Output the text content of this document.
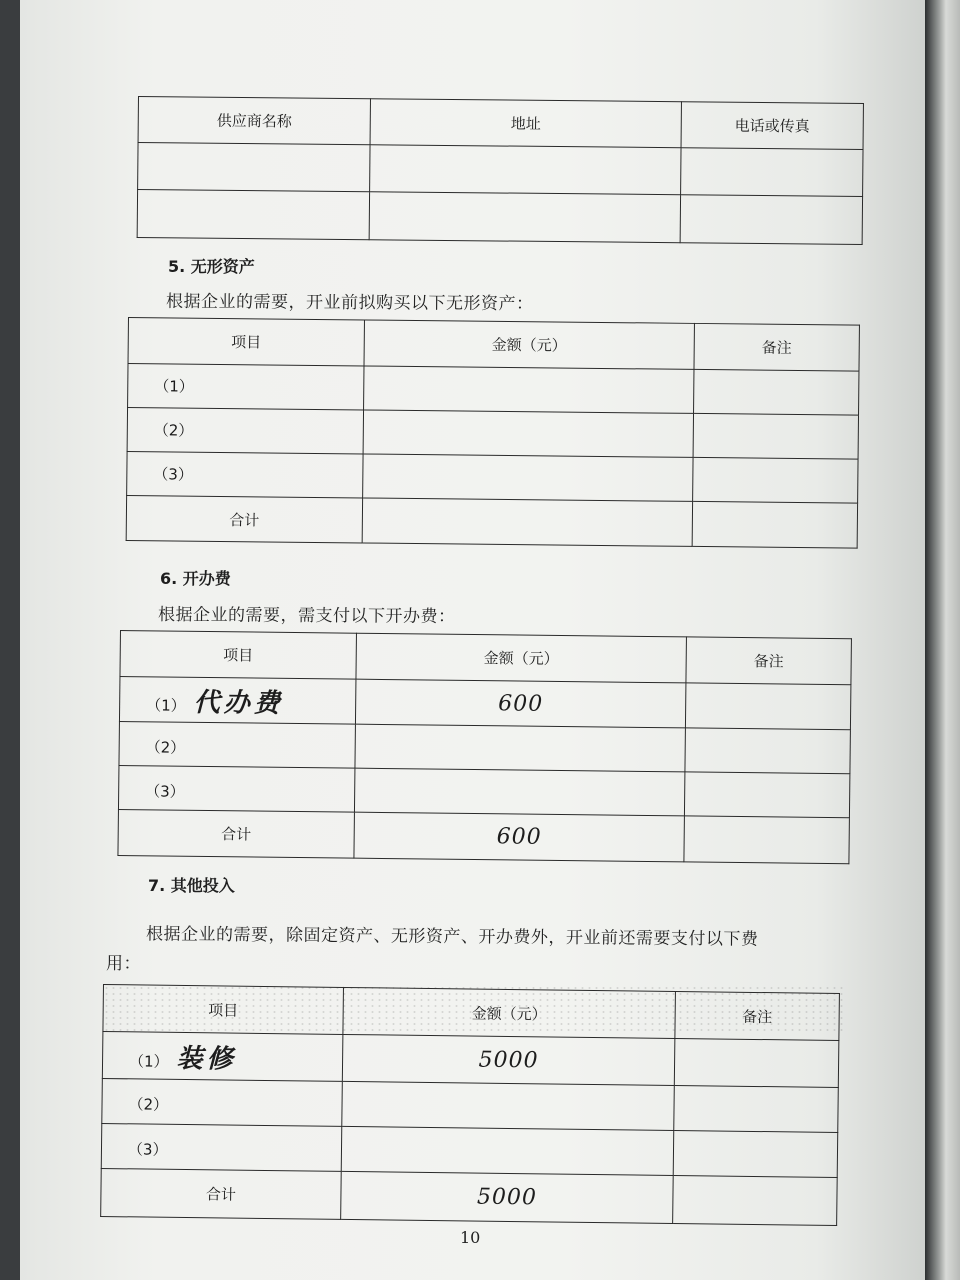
供应商名称	地址	电话或传真

5. 无形资产
根据企业的需要，开业前拟购买以下无形资产：
项目	金额（元）	备注
（1）		
（2）		
（3）		
合计		
6. 开办费
根据企业的需要，需支付以下开办费：
项目	金额（元）	备注
（1） 代办费	600	
（2）		
（3）		
合计	600	
7. 其他投入
根据企业的需要，除固定资产、无形资产、开办费外，开业前还需要支付以下费
用：
项目	金额（元）	备注
（1） 装修	5000	
（2）		
（3）		
合计	5000	
10
